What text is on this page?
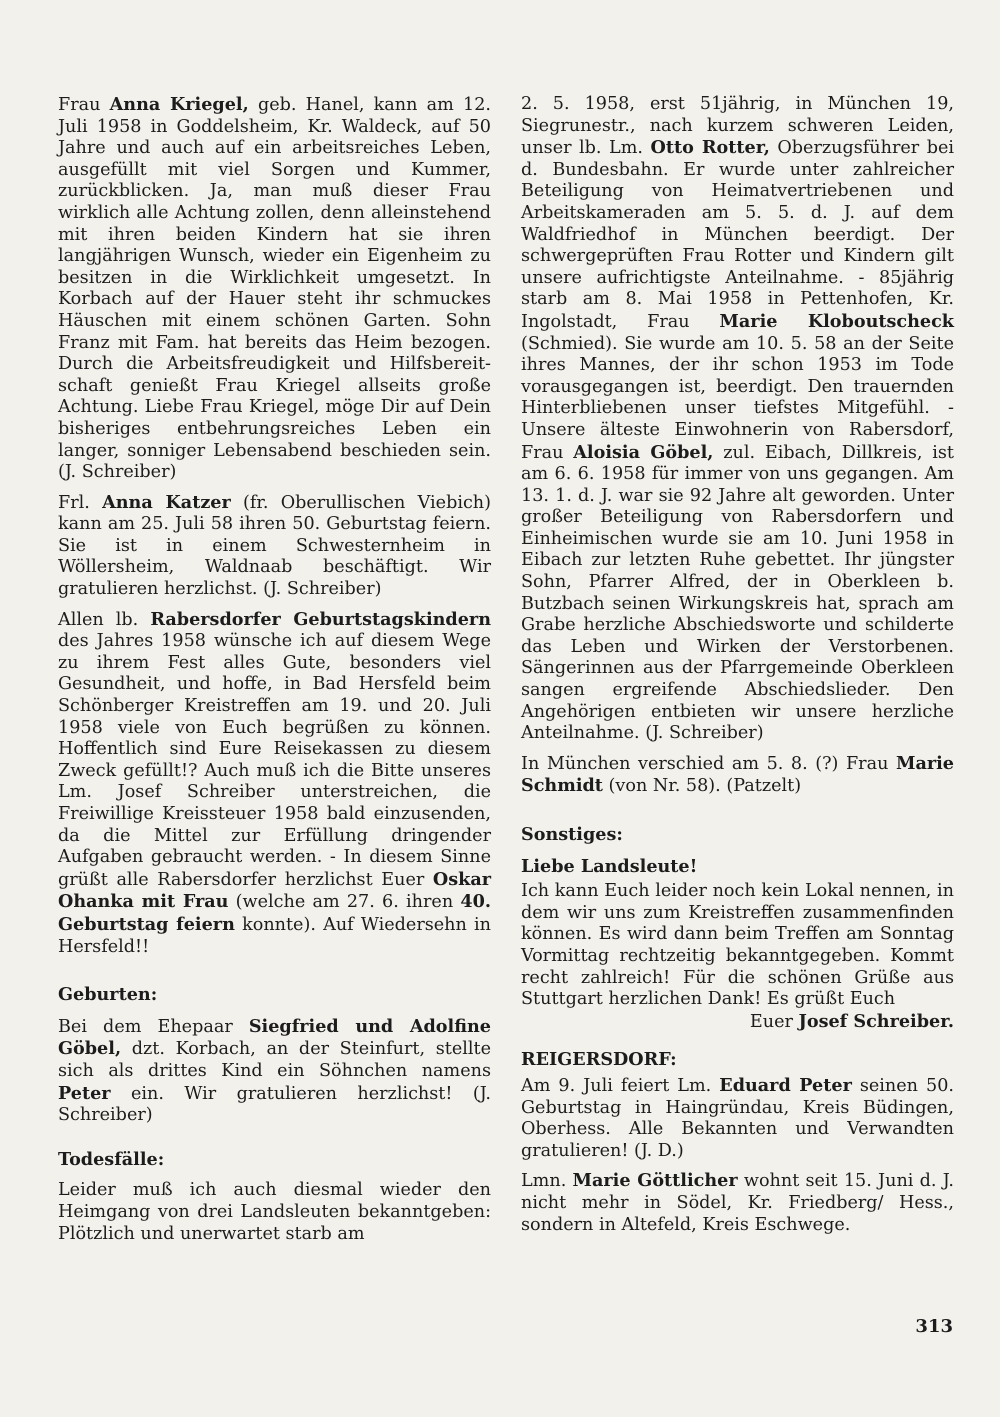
Frau Anna Kriegel, geb. Hanel, kann am 12. Juli 1958 in Goddelsheim, Kr. Waldeck, auf 50 Jahre und auch auf ein arbeitsreiches Leben, ausgefüllt mit viel Sorgen und Kummer, zurückblicken. Ja, man muß dieser Frau wirklich alle Achtung zollen, denn alleinstehend mit ihren beiden Kindern hat sie ihren langjährigen Wunsch, wieder ein Eigenheim zu besitzen in die Wirklichkeit umgesetzt. In Korbach auf der Hauer steht ihr schmuckes Häuschen mit einem schönen Garten. Sohn Franz mit Fam. hat bereits das Heim bezogen. Durch die Arbeitsfreudigkeit und Hilfsbereitschaft genießt Frau Kriegel allseits große Achtung. Liebe Frau Kriegel, möge Dir auf Dein bisheriges entbehrungsreiches Leben ein langer, sonniger Lebensabend beschieden sein. (J. Schreiber)

Frl. Anna Katzer (fr. Oberullischen Viebich) kann am 25. Juli 58 ihren 50. Geburtstag feiern. Sie ist in einem Schwesternheim in Wöllersheim, Waldnaab beschäftigt. Wir gratulieren herzlichst. (J. Schreiber)

Allen lb. Rabersdorfer Geburtstagskindern des Jahres 1958 wünsche ich auf diesem Wege zu ihrem Fest alles Gute, besonders viel Gesundheit, und hoffe, in Bad Hersfeld beim Schönberger Kreistreffen am 19. und 20. Juli 1958 viele von Euch begrüßen zu können. Hoffentlich sind Eure Reisekassen zu diesem Zweck gefüllt!? Auch muß ich die Bitte unseres Lm. Josef Schreiber unterstreichen, die Freiwillige Kreissteuer 1958 bald einzusenden, da die Mittel zur Erfüllung dringender Aufgaben gebraucht werden. - In diesem Sinne grüßt alle Rabersdorfer herzlichst Euer Oskar Ohanka mit Frau (welche am 27. 6. ihren 40. Geburtstag feiern konnte). Auf Wiedersehn in Hersfeld!!

Geburten:

Bei dem Ehepaar Siegfried und Adolfine Göbel, dzt. Korbach, an der Steinfurt, stellte sich als drittes Kind ein Söhnchen namens Peter ein. Wir gratulieren herzlichst! (J. Schreiber)

Todesfälle:

Leider muß ich auch diesmal wieder den Heimgang von drei Landsleuten bekanntgeben: Plötzlich und unerwartet starb am

2. 5. 1958, erst 51jährig, in München 19, Siegrunestr., nach kurzem schweren Leiden, unser lb. Lm. Otto Rotter, Oberzugsführer bei d. Bundesbahn. Er wurde unter zahlreicher Beteiligung von Heimatvertriebenen und Arbeitskameraden am 5. 5. d. J. auf dem Waldfriedhof in München beerdigt. Der schwergeprüften Frau Rotter und Kindern gilt unsere aufrichtigste Anteilnahme. - 85jährig starb am 8. Mai 1958 in Pettenhofen, Kr. Ingolstadt, Frau Marie Kloboutscheck (Schmied). Sie wurde am 10. 5. 58 an der Seite ihres Mannes, der ihr schon 1953 im Tode vorausgegangen ist, beerdigt. Den trauernden Hinterbliebenen unser tiefstes Mitgefühl. - Unsere älteste Einwohnerin von Rabersdorf, Frau Aloisia Göbel, zul. Eibach, Dillkreis, ist am 6. 6. 1958 für immer von uns gegangen. Am 13. 1. d. J. war sie 92 Jahre alt geworden. Unter großer Beteiligung von Rabersdorfern und Einheimischen wurde sie am 10. Juni 1958 in Eibach zur letzten Ruhe gebettet. Ihr jüngster Sohn, Pfarrer Alfred, der in Oberkleen b. Butzbach seinen Wirkungskreis hat, sprach am Grabe herzliche Abschiedsworte und schilderte das Leben und Wirken der Verstorbenen. Sängerinnen aus der Pfarrgemeinde Oberkleen sangen ergreifende Abschiedslieder. Den Angehörigen entbieten wir unsere herzliche Anteilnahme. (J. Schreiber)

In München verschied am 5. 8. (?) Frau Marie Schmidt (von Nr. 58). (Patzelt)

Sonstiges:
Liebe Landsleute!

Ich kann Euch leider noch kein Lokal nennen, in dem wir uns zum Kreistreffen zusammenfinden können. Es wird dann beim Treffen am Sonntag Vormittag rechtzeitig bekanntgegeben. Kommt recht zahlreich! Für die schönen Grüße aus Stuttgart herzlichen Dank! Es grüßt Euch

Euer Josef Schreiber.
REIGERSDORF:

Am 9. Juli feiert Lm. Eduard Peter seinen 50. Geburtstag in Haingründau, Kreis Büdingen, Oberhess. Alle Bekannten und Verwandten gratulieren! (J. D.)

Lmn. Marie Göttlicher wohnt seit 15. Juni d. J. nicht mehr in Södel, Kr. Friedberg/ Hess., sondern in Altefeld, Kreis Eschwege.

313
